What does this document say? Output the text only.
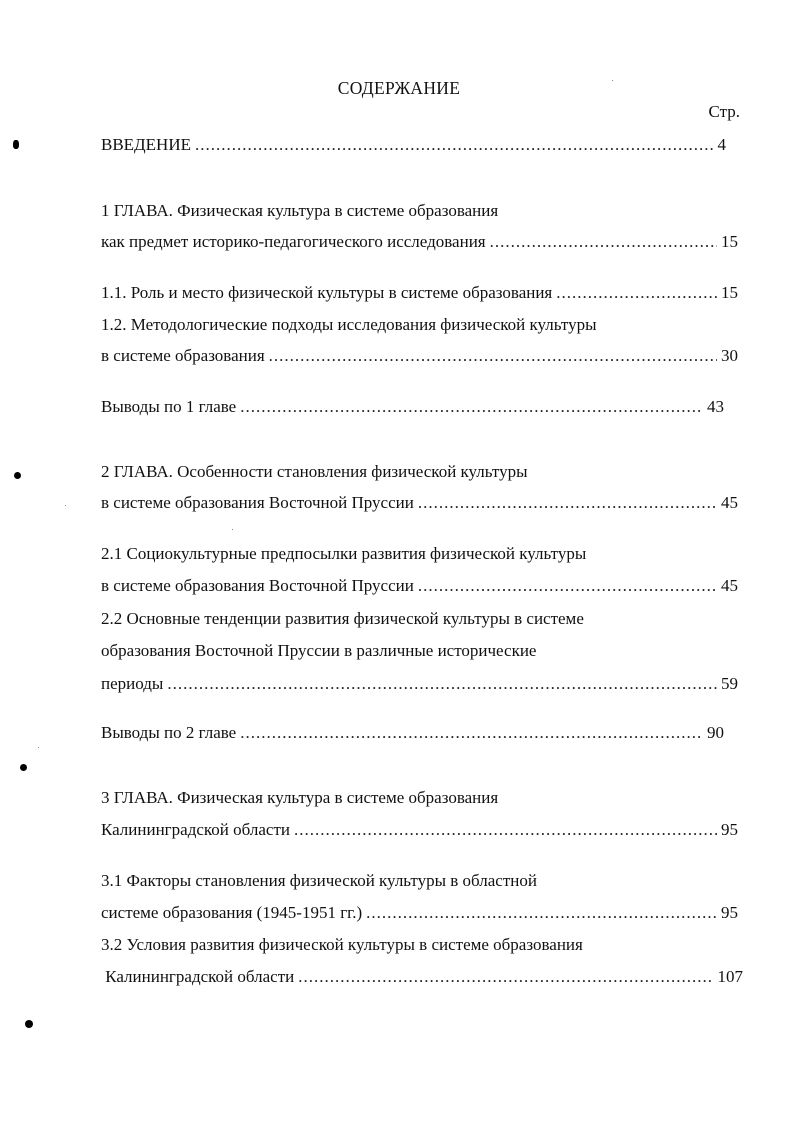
СОДЕРЖАНИЕ
Стр.
ВВЕДЕНИЕ .....	4
1 ГЛАВА. Физическая культура в системе образования
как предмет историко-педагогического исследования .....	15
1.1. Роль и место физической культуры в системе образования .....	15
1.2. Методологические подходы исследования физической культуры
в системе образования .....	30
Выводы по 1 главе .....	43
2 ГЛАВА. Особенности становления физической культуры
в системе образования Восточной Пруссии .....	45
2.1 Социокультурные предпосылки развития физической культуры
в системе образования Восточной Пруссии .....	45
2.2 Основные тенденции развития физической культуры в системе
образования Восточной Пруссии в различные исторические
периоды .....	59
Выводы по 2 главе .....	90
3 ГЛАВА. Физическая культура в системе образования
Калининградской области .....	95
3.1 Факторы становления физической культуры в областной
системе образования (1945-1951 гг.) .....	95
3.2 Условия развития физической культуры в системе образования
Калининградской области .....	107
